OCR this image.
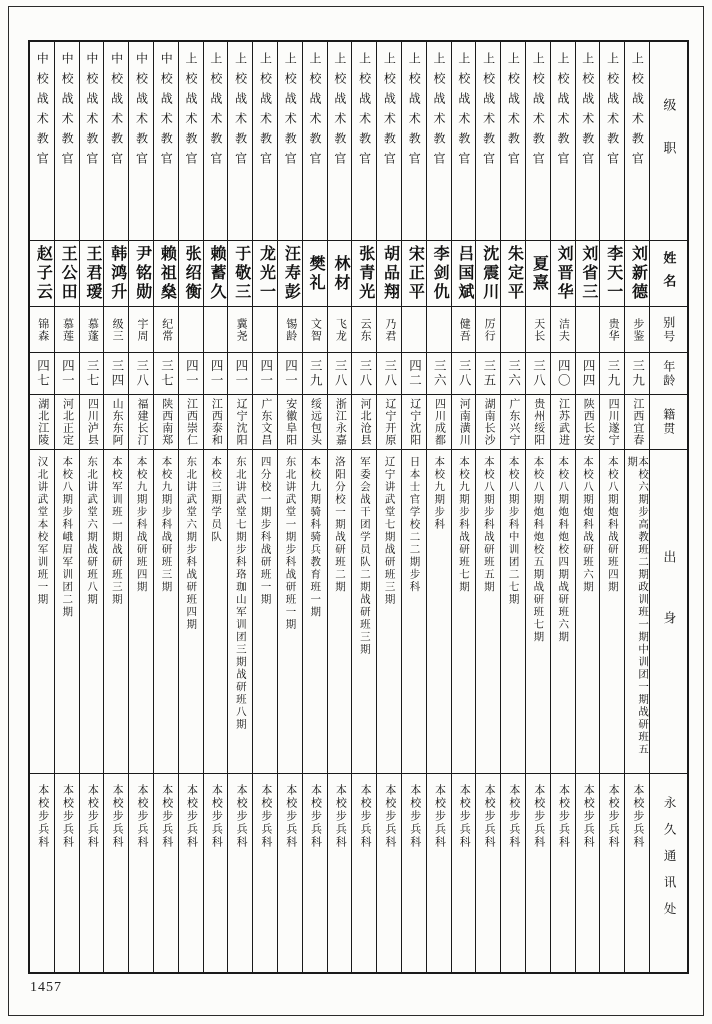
上校战术教官
刘新德
步鉴
三九
江西宜春
本校六期步高教班二期政训班一期中训团一期战研班五期
本校步兵科
上校战术教官
李天一
贵华
三九
四川遂宁
本校八期炮科战研班四期
本校步兵科
上校战术教官
刘省三
四四
陕西长安
本校八期炮科战研班六期
本校步兵科
上校战术教官
刘晋华
洁夫
四〇
江苏武进
本校八期炮科炮校四期战研班六期
本校步兵科
上校战术教官
夏熹
天长
三八
贵州绥阳
本校八期炮科炮校五期战研班七期
本校步兵科
上校战术教官
朱定平
三六
广东兴宁
本校八期步科中训团二七期
本校步兵科
上校战术教官
沈震川
厉行
三五
湖南长沙
本校八期步科战研班五期
本校步兵科
上校战术教官
吕国斌
健吾
三八
河南潢川
本校九期步科战研班七期
本校步兵科
上校战术教官
李剑仇
三六
四川成都
本校九期步科
本校步兵科
上校战术教官
宋正平
四二
辽宁沈阳
日本士官学校二二期步科
本校步兵科
上校战术教官
胡品翔
乃君
三八
辽宁开原
辽宁讲武堂七期战研班三期
本校步兵科
上校战术教官
张青光
云东
三八
河北沧县
军委会战干团学员队二期战研班三期
本校步兵科
上校战术教官
林材
飞龙
三八
浙江永嘉
洛阳分校一期战研班二期
本校步兵科
上校战术教官
樊礼
文智
三九
绥远包头
本校九期骑科骑兵教育班一期
本校步兵科
上校战术教官
汪寿彭
锡龄
四一
安徽阜阳
东北讲武堂一期步科战研班一期
本校步兵科
上校战术教官
龙光一
四一
广东文昌
四分校一期步科战研班一期
本校步兵科
上校战术教官
于敬三
冀尧
四一
辽宁沈阳
东北讲武堂七期步科珞珈山军训团三期战研班八期
本校步兵科
上校战术教官
赖蓄久
四一
江西泰和
本校三期学员队
本校步兵科
上校战术教官
张绍衡
四一
江西崇仁
东北讲武堂六期步科战研班四期
本校步兵科
中校战术教官
赖祖燊
纪常
三七
陕西南郑
本校九期步科战研班三期
本校步兵科
中校战术教官
尹铭勋
宇周
三八
福建长汀
本校九期步科战研班四期
本校步兵科
中校战术教官
韩鸿升
级三
三四
山东东阿
本校军训班一期战研班三期
本校步兵科
中校战术教官
王君瑷
慕蓬
三七
四川泸县
东北讲武堂六期战研班八期
本校步兵科
中校战术教官
王公田
慕莲
四一
河北正定
本校八期步科峨眉军训团二期
本校步兵科
中校战术教官
赵子云
锦森
四七
湖北江陵
汉北讲武堂本校军训班一期
本校步兵科
级职
姓名
别号
年龄
籍贯
出身
永久通讯处
1457
